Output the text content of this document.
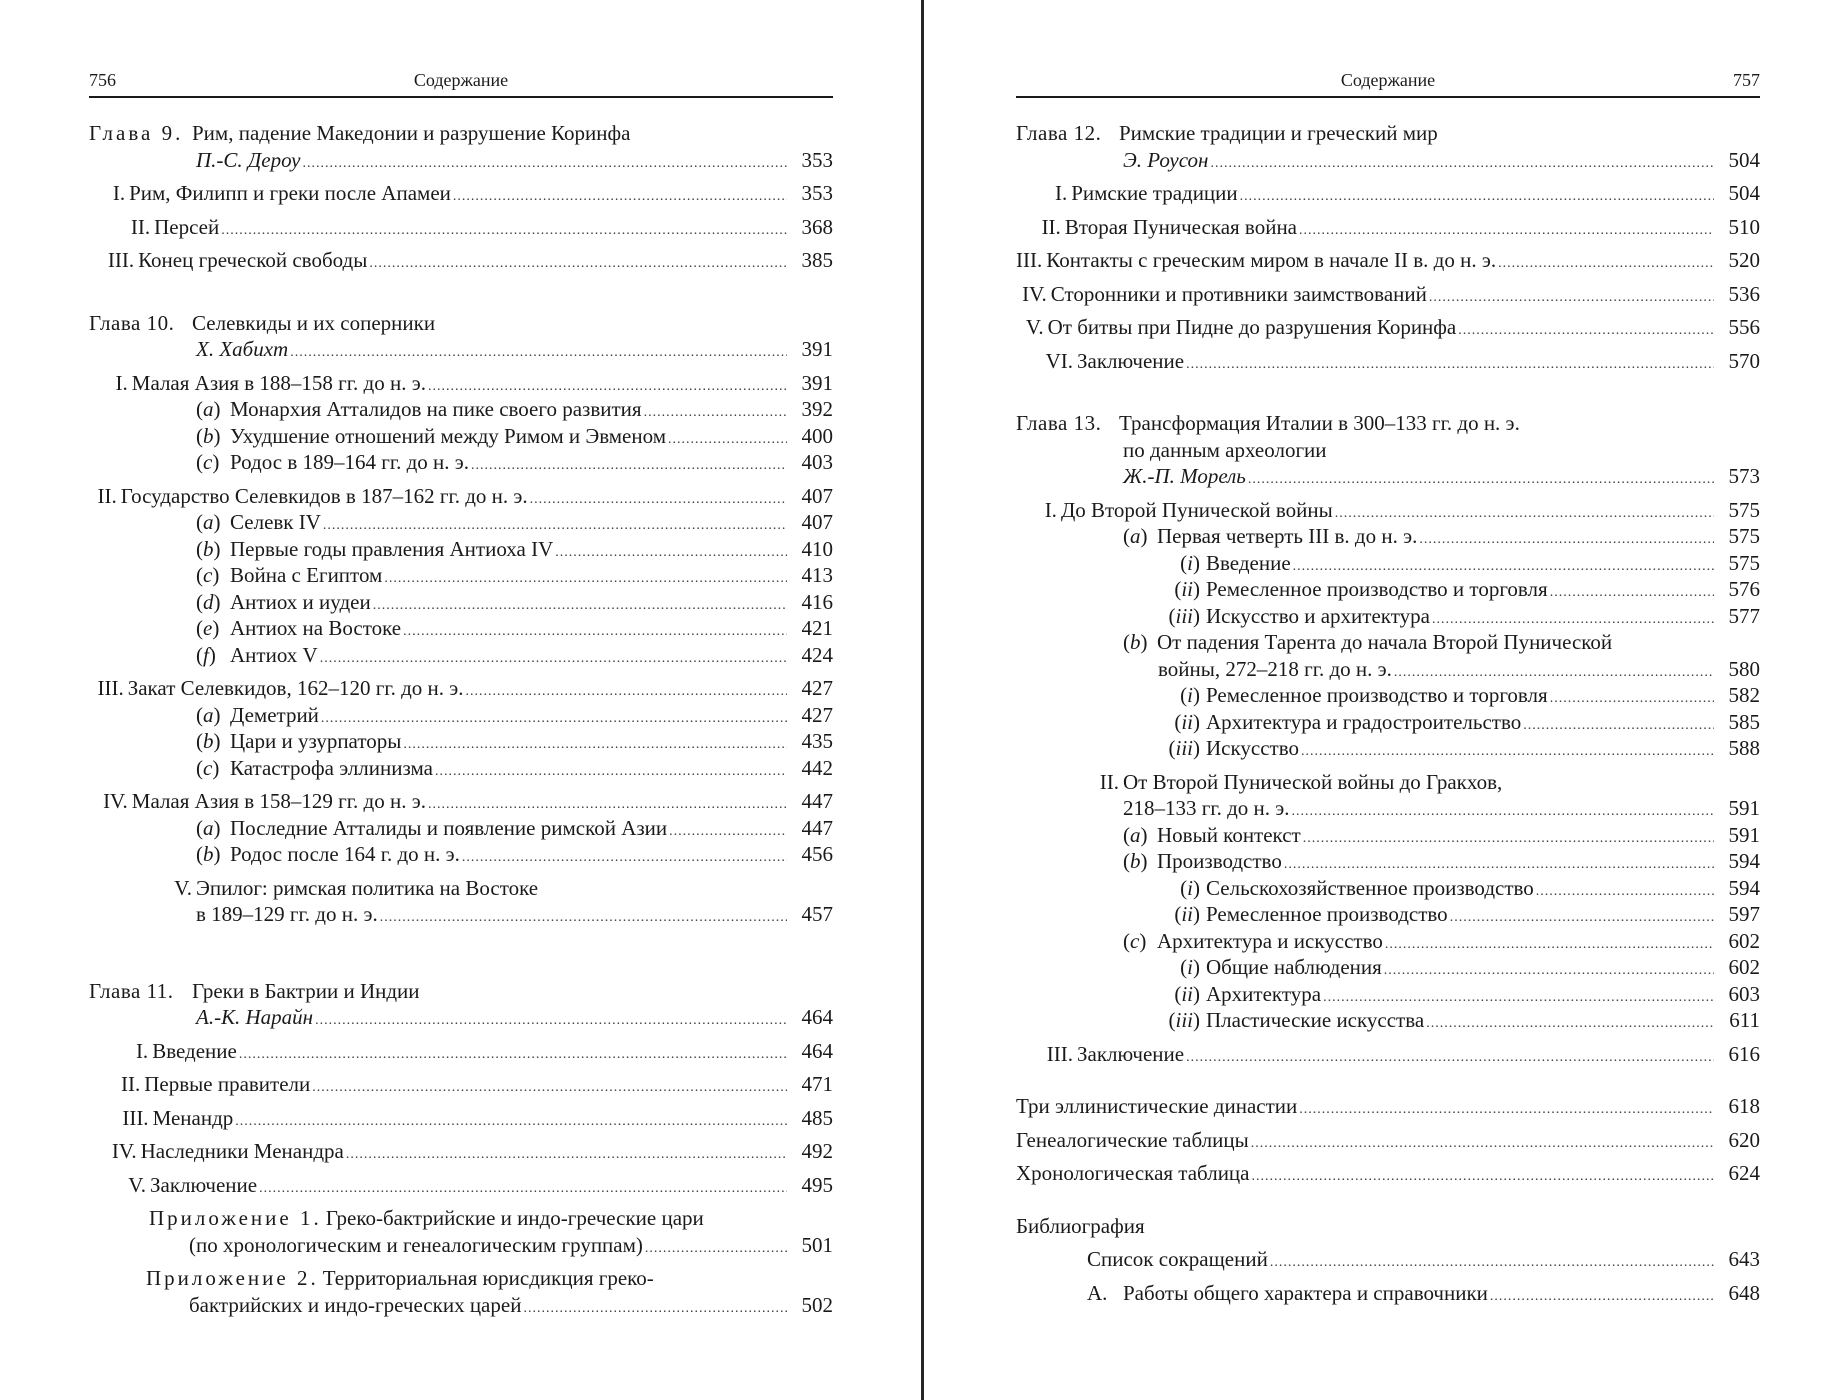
756	Содержание
Глава 9. Рим, падение Македонии и разрушение Коринфа
П.-С. Дероу .....	353
I. Рим, Филипп и греки после Апамеи .....	353
II. Персей .....	368
III. Конец греческой свободы .....	385
Глава 10. Селевкиды и их соперники
Х. Хабихт .....	391
I. Малая Азия в 188–158 гг. до н. э. .....	391
(a) Монархия Атталидов на пике своего развития .....	392
(b) Ухудшение отношений между Римом и Эвменом .....	400
(c) Родос в 189–164 гг. до н. э. .....	403
II. Государство Селевкидов в 187–162 гг. до н. э. .....	407
(a) Селевк IV .....	407
(b) Первые годы правления Антиоха IV .....	410
(c) Война с Египтом .....	413
(d) Антиох и иудеи .....	416
(e) Антиох на Востоке .....	421
(f) Антиох V .....	424
III. Закат Селевкидов, 162–120 гг. до н. э. .....	427
(a) Деметрий .....	427
(b) Цари и узурпаторы .....	435
(c) Катастрофа эллинизма .....	442
IV. Малая Азия в 158–129 гг. до н. э. .....	447
(a) Последние Атталиды и появление римской Азии .....	447
(b) Родос после 164 г. до н. э. .....	456
V. Эпилог: римская политика на Востоке
в 189–129 гг. до н. э. .....	457
Глава 11. Греки в Бактрии и Индии
А.-К. Нарайн .....	464
I. Введение .....	464
II. Первые правители .....	471
III. Менандр .....	485
IV. Наследники Менандра .....	492
V. Заключение .....	495
Приложение 1. Греко-бактрийские и индо-греческие цари
(по хронологическим и генеалогическим группам) .....	501
Приложение 2. Территориальная юрисдикция греко-
бактрийских и индо-греческих царей .....	502
Содержание	757
Глава 12. Римские традиции и греческий мир
Э. Роусон .....	504
I. Римские традиции .....	504
II. Вторая Пуническая война .....	510
III. Контакты с греческим миром в начале II в. до н. э. .....	520
IV. Сторонники и противники заимствований .....	536
V. От битвы при Пидне до разрушения Коринфа .....	556
VI. Заключение .....	570
Глава 13. Трансформация Италии в 300–133 гг. до н. э.
по данным археологии
Ж.-П. Морель .....	573
I. До Второй Пунической войны .....	575
(a) Первая четверть III в. до н. э. .....	575
(i) Введение .....	575
(ii) Ремесленное производство и торговля .....	576
(iii) Искусство и архитектура .....	577
(b) От падения Тарента до начала Второй Пунической
войны, 272–218 гг. до н. э. .....	580
(i) Ремесленное производство и торговля .....	582
(ii) Архитектура и градостроительство .....	585
(iii) Искусство .....	588
II. От Второй Пунической войны до Гракхов,
218–133 гг. до н. э. .....	591
(a) Новый контекст .....	591
(b) Производство .....	594
(i) Сельскохозяйственное производство .....	594
(ii) Ремесленное производство .....	597
(c) Архитектура и искусство .....	602
(i) Общие наблюдения .....	602
(ii) Архитектура .....	603
(iii) Пластические искусства .....	611
III. Заключение .....	616
Три эллинистические династии .....	618
Генеалогические таблицы .....	620
Хронологическая таблица .....	624
Библиография
Список сокращений .....	643
А. Работы общего характера и справочники .....	648
